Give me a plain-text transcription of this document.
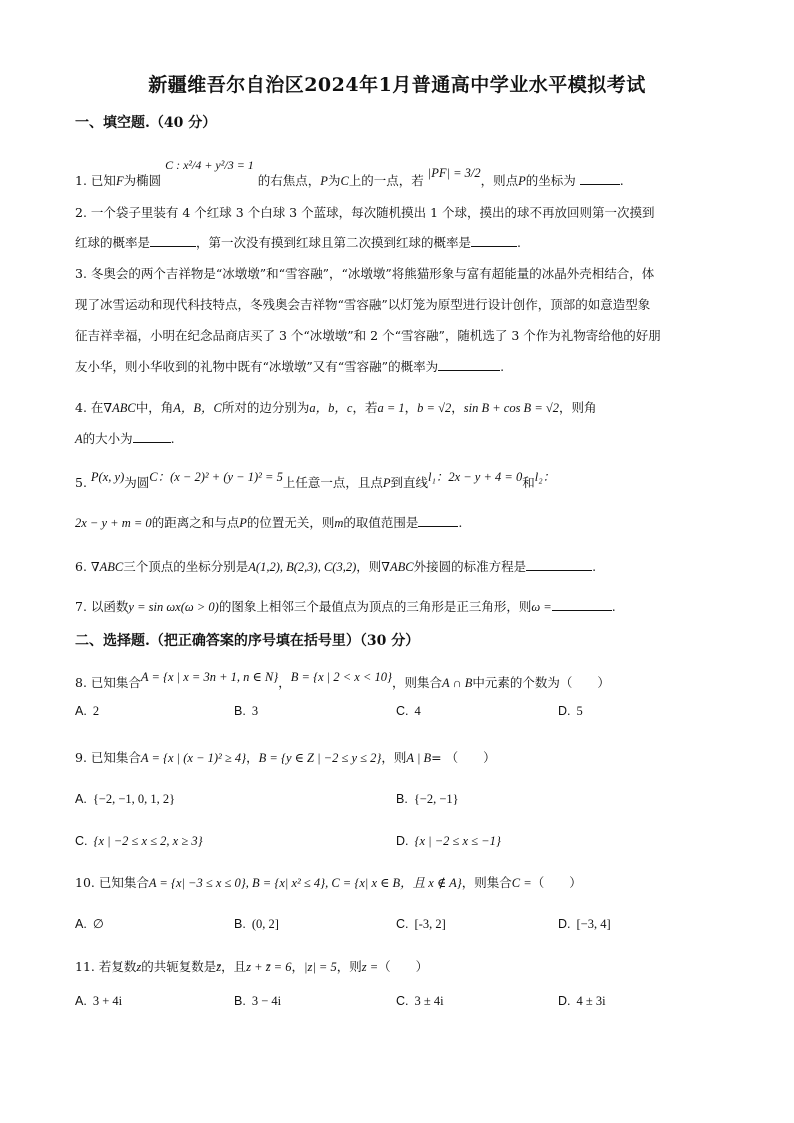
新疆维吾尔自治区2024年1月普通高中学业水平模拟考试
一、填空题.（40 分）
1. 已知F为椭圆 C : x²/4 + y²/3 = 1 的右焦点，P为C上的一点，若 |PF| = 3/2，则点P的坐标为	.
2. 一个袋子里装有 4 个红球 3 个白球 3 个蓝球，每次随机摸出 1 个球，摸出的球不再放回则第一次摸到
红球的概率是	，第一次没有摸到红球且第二次摸到红球的概率是	.
3. 冬奥会的两个吉祥物是“冰墩墩”和“雪容融”，“冰墩墩”将熊猫形象与富有超能量的冰晶外壳相结合，体
现了冰雪运动和现代科技特点，冬残奥会吉祥物“雪容融”以灯笼为原型进行设计创作，顶部的如意造型象
征吉祥幸福，小明在纪念品商店买了 3 个“冰墩墩”和 2 个“雪容融”，随机选了 3 个作为礼物寄给他的好朋
友小华，则小华收到的礼物中既有“冰墩墩”又有“雪容融”的概率为	.
4. 在∇ABC中，角A，B，C所对的边分别为a，b，c，若a = 1，b = √2，sin B + cos B = √2，则角
A的大小为	.
5. P(x, y)为圆C：(x − 2)² + (y − 1)² = 5上任意一点，且点P到直线l₁：2x − y + 4 = 0和l₂：
2x − y + m = 0的距离之和与点P的位置无关，则m的取值范围是	.
6. ∇ABC三个顶点的坐标分别是A(1,2), B(2,3), C(3,2)，则∇ABC外接圆的标准方程是	.
7. 以函数y = sin ωx(ω > 0)的图象上相邻三个最值点为顶点的三角形是正三角形，则ω =	.
二、选择题.（把正确答案的序号填在括号里）（30 分）
8. 已知集合A = {x | x = 3n + 1, n ∈ N}，B = {x | 2 < x < 10}，则集合A ∩ B中元素的个数为（　　）
A. 2	B. 3	C. 4	D. 5
9. 已知集合A = {x | (x − 1)² ≥ 4}，B = {y ∈ Z | −2 ≤ y ≤ 2}，则A | B= （　　）
A. {−2, −1, 0, 1, 2}	B. {−2, −1}
C. {x | −2 ≤ x ≤ 2, x ≥ 3}	D. {x | −2 ≤ x ≤ −1}
10. 已知集合A = {x| −3 ≤ x ≤ 0}, B = {x| x² ≤ 4}, C = {x| x ∈ B，且 x ∉ A}，则集合C =（　　）
A. ∅	B. (0, 2]	C. [-3, 2]	D. [−3, 4]
11. 若复数z的共轭复数是z̄，且z + z̄ = 6，|z| = 5，则z =（　　）
A. 3 + 4i	B. 3 − 4i	C. 3 ± 4i	D. 4 ± 3i
